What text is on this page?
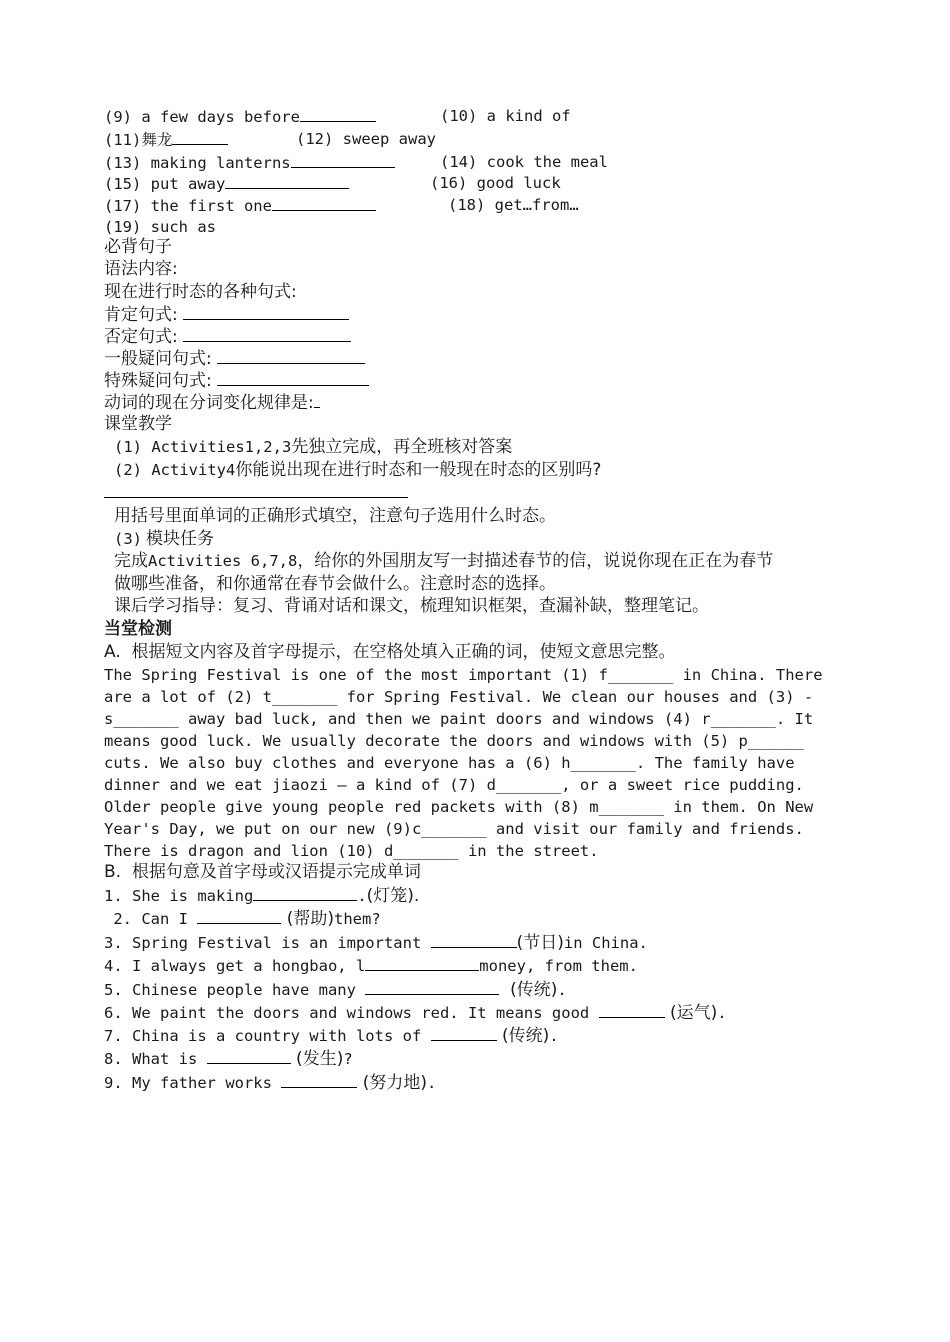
(9) a few days before	(10) a kind of
(11)舞龙	(12) sweep away
(13) making lanterns	(14) cook the meal
(15) put away	(16) good luck
(17) the first one	(18) get…from…
(19) such as
必背句子
语法内容:
现在进行时态的各种句式:
肯定句式:
否定句式:
一般疑问句式:
特殊疑问句式:
动词的现在分词变化规律是:
课堂教学
(1) Activities1,2,3先独立完成，再全班核对答案
(2) Activity4你能说出现在进行时态和一般现在时态的区别吗?
用括号里面单词的正确形式填空，注意句子选用什么时态。
(3) 模块任务
完成Activities 6,7,8，给你的外国朋友写一封描述春节的信，说说你现在正在为春节
做哪些准备，和你通常在春节会做什么。注意时态的选择。
课后学习指导：复习、背诵对话和课文，梳理知识框架，查漏补缺，整理笔记。
当堂检测
A.  根据短文内容及首字母提示，在空格处填入正确的词，使短文意思完整。
The Spring Festival is one of the most important (1) f_______ in China. There
are a lot of (2) t_______ for Spring Festival. We clean our houses and (3) -
s_______ away bad luck, and then we paint doors and windows (4) r_______. It
means good luck. We usually decorate the doors and windows with (5) p______
cuts. We also buy clothes and everyone has a (6) h_______. The family have
dinner and we eat jiaozi — a kind of (7) d_______, or a sweet rice pudding.
Older people give young people red packets with (8) m_______ in them. On New
Year's Day, we put on our new (9)c_______ and visit our family and friends.
There is dragon and lion (10) d_______ in the street.
B.  根据句意及首字母或汉语提示完成单词
1. She is making	.(灯笼).
2. Can I	(帮助)them?
3. Spring Festival is an important	(节日)in China.
4. I always get a hongbao, l	money, from them.
5. Chinese people have many	(传统).
6. We paint the doors and windows red. It means good	(运气).
7. China is a country with lots of	(传统).
8. What is	(发生)?
9. My father works	(努力地).
